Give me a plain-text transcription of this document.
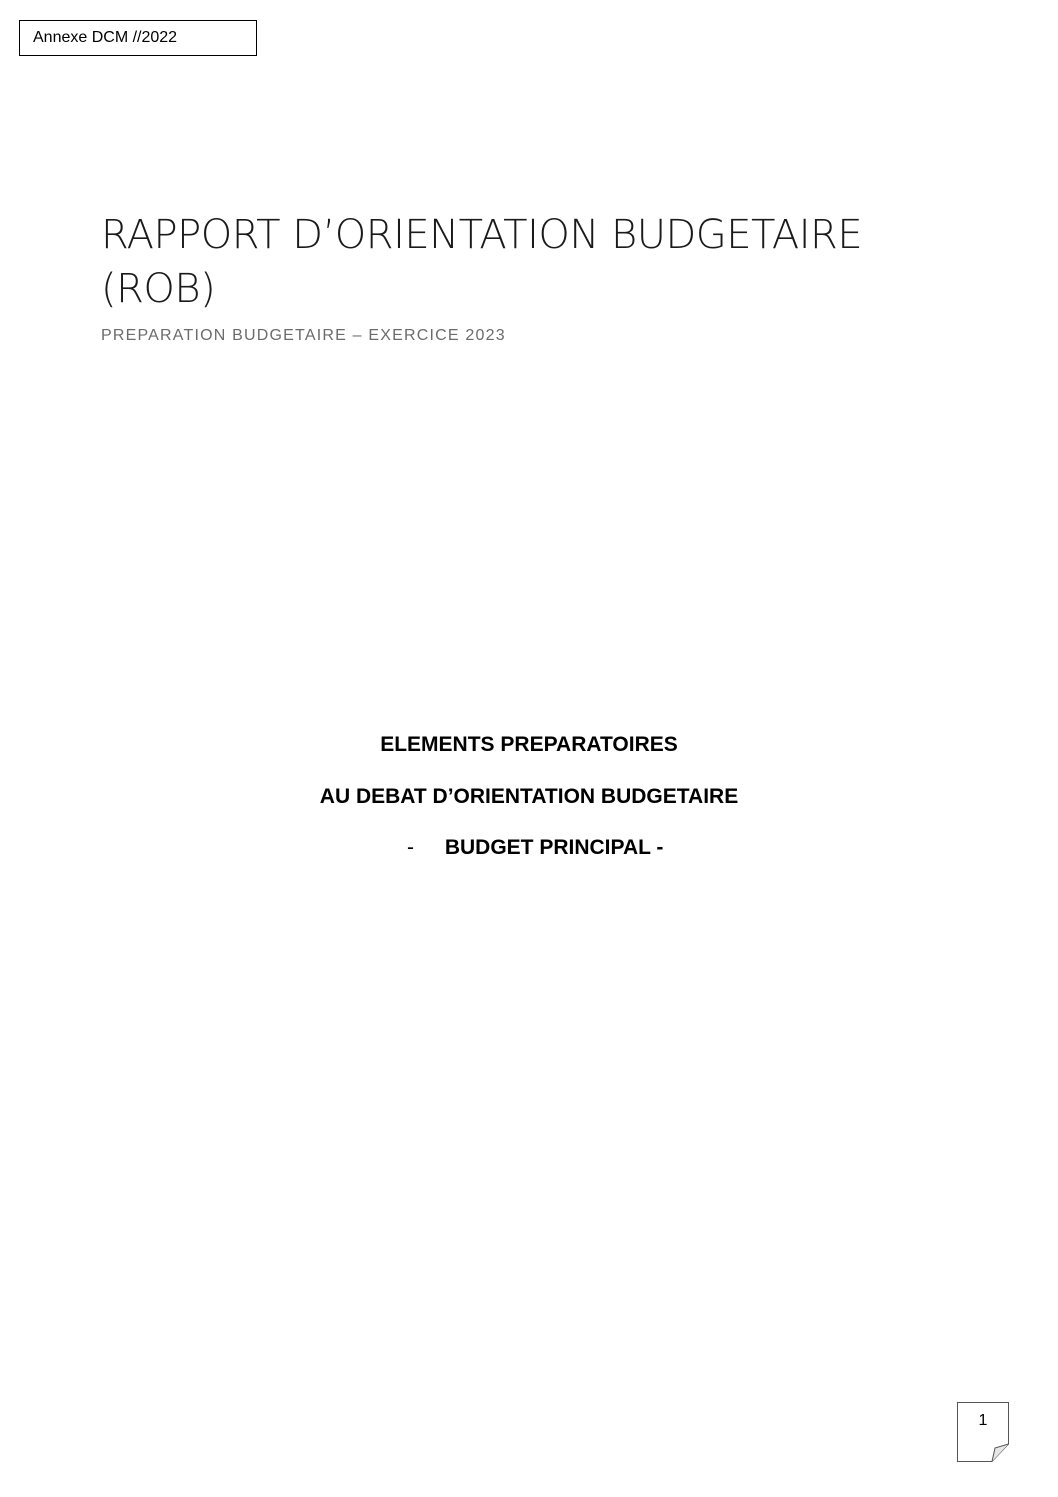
Annexe DCM //2022
RAPPORT D’ORIENTATION BUDGETAIRE
(ROB)
PREPARATION BUDGETAIRE – EXERCICE 2023
ELEMENTS PREPARATOIRES
AU DEBAT D’ORIENTATION BUDGETAIRE
- BUDGET PRINCIPAL -
1
